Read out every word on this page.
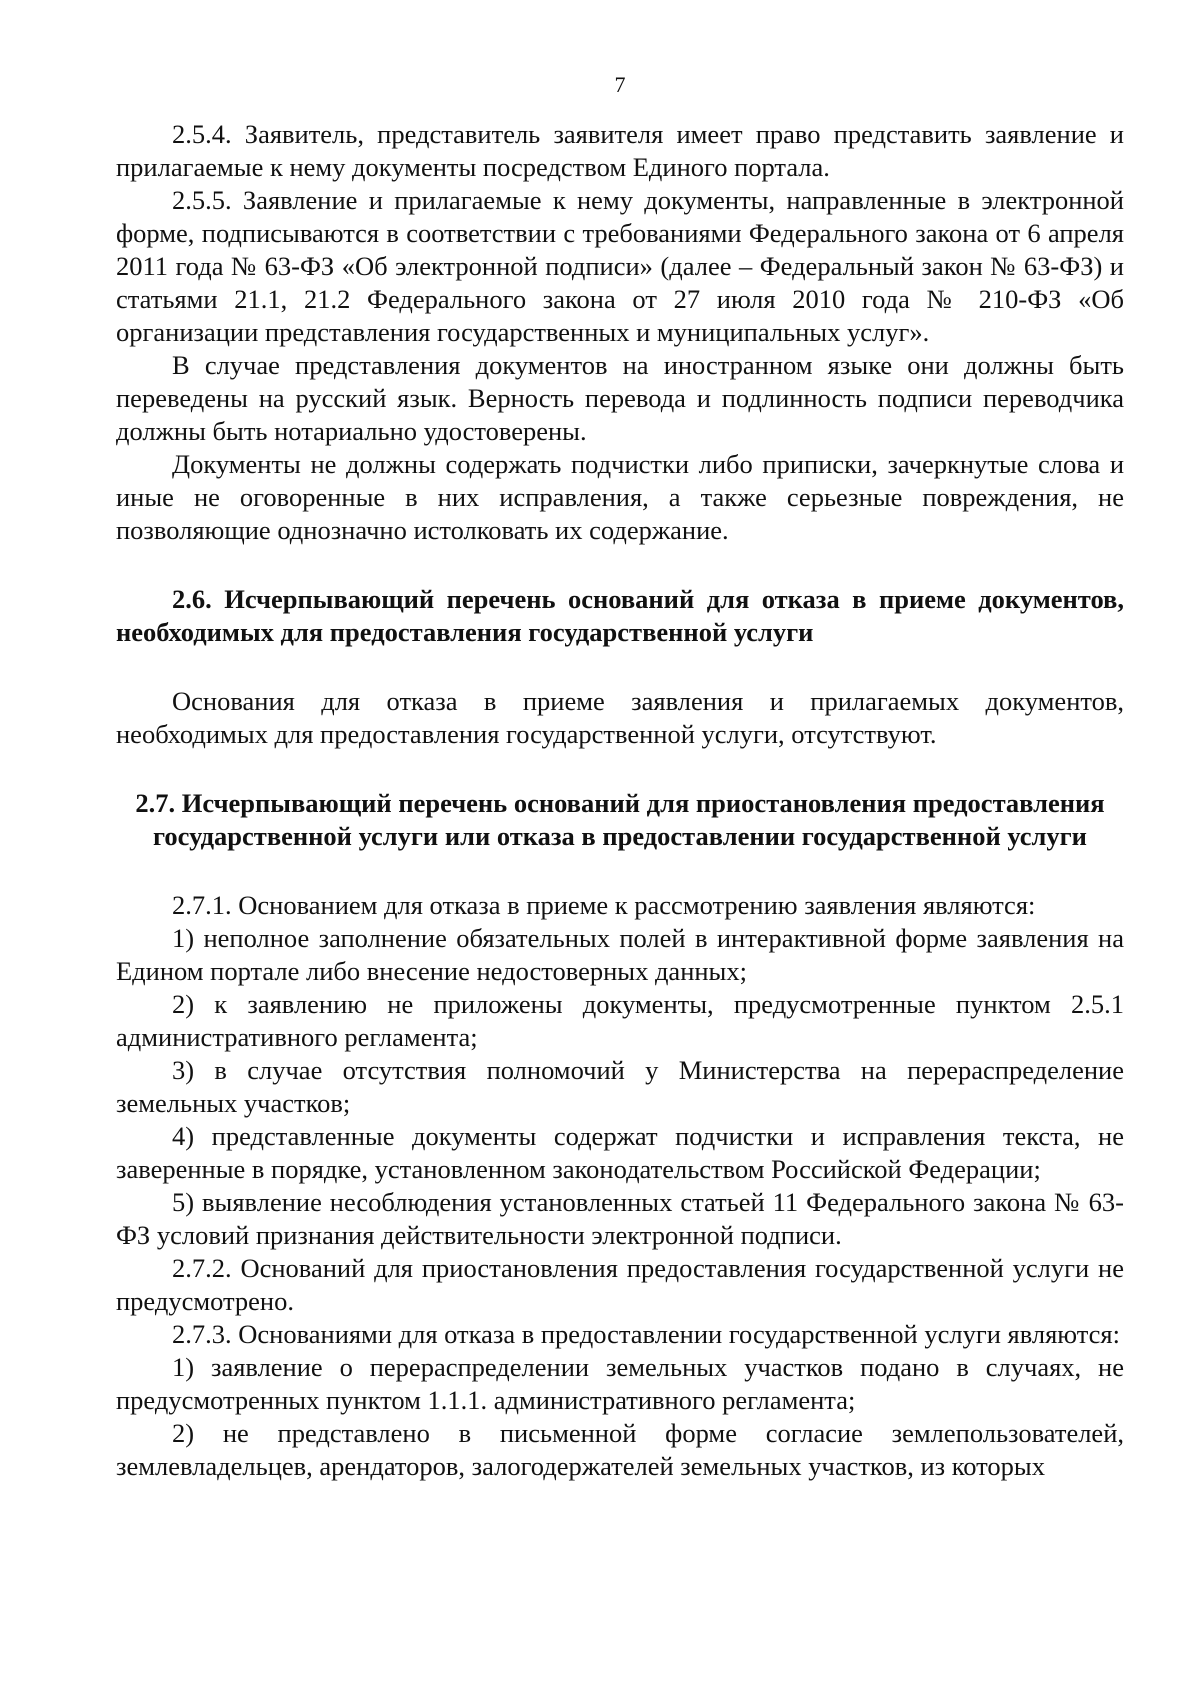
7

2.5.4. Заявитель, представитель заявителя имеет право представить заявление и прилагаемые к нему документы посредством Единого портала.

2.5.5. Заявление и прилагаемые к нему документы, направленные в электронной форме, подписываются в соответствии с требованиями Федерального закона от 6 апреля 2011 года № 63-ФЗ «Об электронной подписи» (далее – Федеральный закон № 63-ФЗ) и статьями 21.1, 21.2 Федерального закона от 27 июля 2010 года № 210-ФЗ «Об организации представления государственных и муниципальных услуг».

В случае представления документов на иностранном языке они должны быть переведены на русский язык. Верность перевода и подлинность подписи переводчика должны быть нотариально удостоверены.

Документы не должны содержать подчистки либо приписки, зачеркнутые слова и иные не оговоренные в них исправления, а также серьезные повреждения, не позволяющие однозначно истолковать их содержание.

2.6. Исчерпывающий перечень оснований для отказа в приеме документов, необходимых для предоставления государственной услуги

Основания для отказа в приеме заявления и прилагаемых документов, необходимых для предоставления государственной услуги, отсутствуют.

2.7. Исчерпывающий перечень оснований для приостановления предоставления государственной услуги или отказа в предоставлении государственной услуги

2.7.1. Основанием для отказа в приеме к рассмотрению заявления являются:

1) неполное заполнение обязательных полей в интерактивной форме заявления на Едином портале либо внесение недостоверных данных;

2) к заявлению не приложены документы, предусмотренные пунктом 2.5.1 административного регламента;

3) в случае отсутствия полномочий у Министерства на перераспределение земельных участков;

4) представленные документы содержат подчистки и исправления текста, не заверенные в порядке, установленном законодательством Российской Федерации;

5) выявление несоблюдения установленных статьей 11 Федерального закона № 63-ФЗ условий признания действительности электронной подписи.

2.7.2. Оснований для приостановления предоставления государственной услуги не предусмотрено.

2.7.3. Основаниями для отказа в предоставлении государственной услуги являются:

1) заявление о перераспределении земельных участков подано в случаях, не предусмотренных пунктом 1.1.1. административного регламента;

2) не представлено в письменной форме согласие землепользователей, землевладельцев, арендаторов, залогодержателей земельных участков, из которых
